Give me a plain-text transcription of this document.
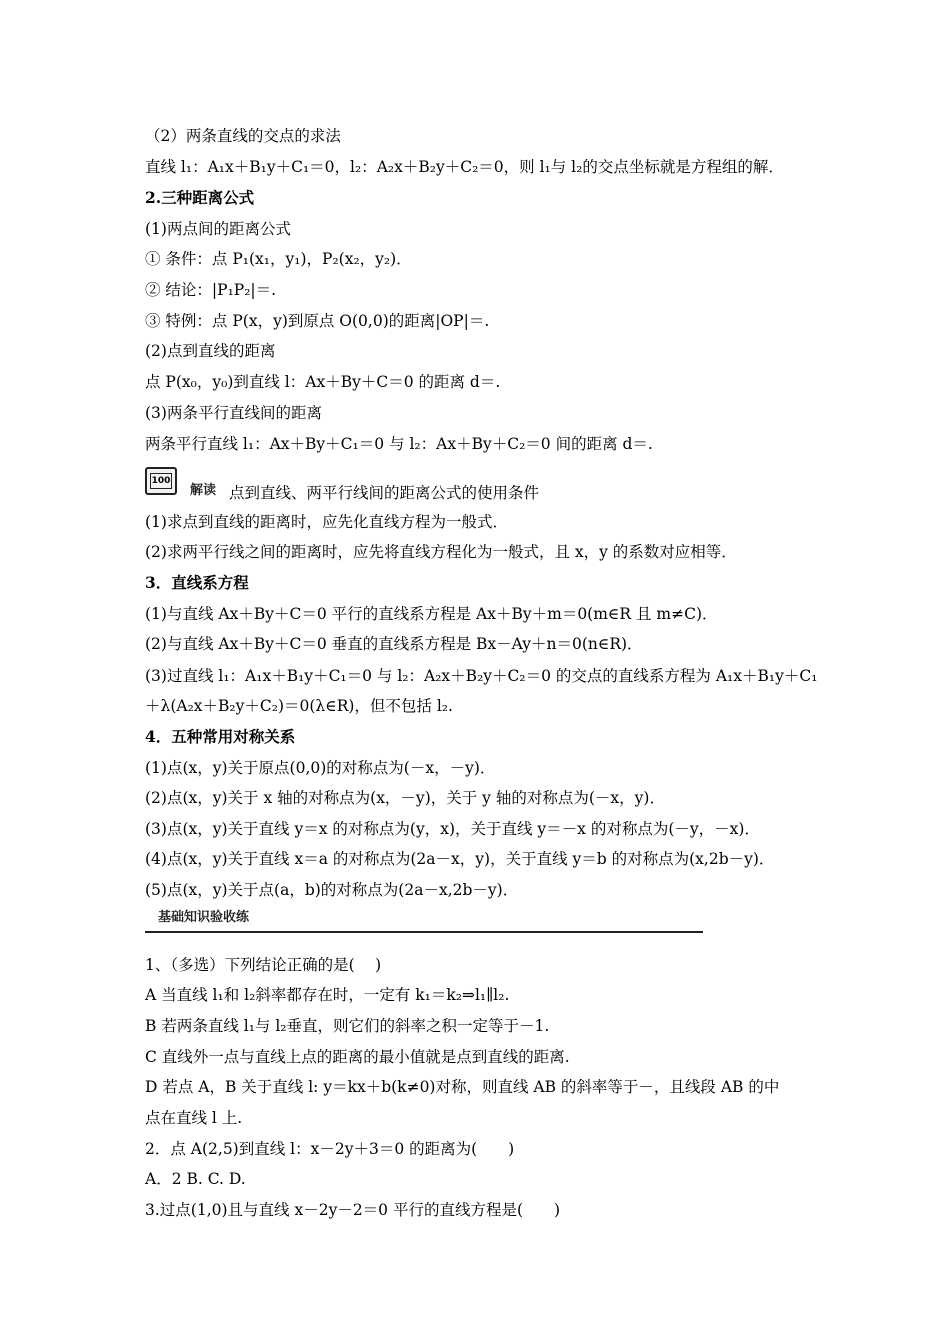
（2）两条直线的交点的求法
直线 l₁：A₁x＋B₁y＋C₁＝0，l₂：A₂x＋B₂y＋C₂＝0，则 l₁与 l₂的交点坐标就是方程组的解．
2.三种距离公式
(1)两点间的距离公式
① 条件：点 P₁(x₁，y₁)，P₂(x₂，y₂)．
② 结论：|P₁P₂|＝.
③ 特例：点 P(x，y)到原点 O(0,0)的距离|OP|＝.
(2)点到直线的距离
点 P(x₀，y₀)到直线 l：Ax＋By＋C＝0 的距离 d＝.
(3)两条平行直线间的距离
两条平行直线 l₁：Ax＋By＋C₁＝0 与 l₂：Ax＋By＋C₂＝0 间的距离 d＝.
100
解读 点到直线、两平行线间的距离公式的使用条件
(1)求点到直线的距离时，应先化直线方程为一般式．
(2)求两平行线之间的距离时，应先将直线方程化为一般式，且 x，y 的系数对应相等．
3．直线系方程
(1)与直线 Ax＋By＋C＝0 平行的直线系方程是 Ax＋By＋m＝0(m∈R 且 m≠C)．
(2)与直线 Ax＋By＋C＝0 垂直的直线系方程是 Bx－Ay＋n＝0(n∈R)．
(3)过直线 l₁：A₁x＋B₁y＋C₁＝0 与 l₂：A₂x＋B₂y＋C₂＝0 的交点的直线系方程为 A₁x＋B₁y＋C₁
＋λ(A₂x＋B₂y＋C₂)＝0(λ∈R)，但不包括 l₂.
4．五种常用对称关系
(1)点(x，y)关于原点(0,0)的对称点为(－x，－y)．
(2)点(x，y)关于 x 轴的对称点为(x，－y)，关于 y 轴的对称点为(－x，y)．
(3)点(x，y)关于直线 y＝x 的对称点为(y，x)，关于直线 y＝－x 的对称点为(－y，－x)．
(4)点(x，y)关于直线 x＝a 的对称点为(2a－x，y)，关于直线 y＝b 的对称点为(x,2b－y)．
(5)点(x，y)关于点(a，b)的对称点为(2a－x,2b－y)．
基础知识验收练
1、（多选）下列结论正确的是(　 )
A 当直线 l₁和 l₂斜率都存在时，一定有 k₁＝k₂⇒l₁∥l₂.
B 若两条直线 l₁与 l₂垂直，则它们的斜率之积一定等于－1.
C 直线外一点与直线上点的距离的最小值就是点到直线的距离.
D 若点 A，B 关于直线 l: y＝kx＋b(k≠0)对称，则直线 AB 的斜率等于－，且线段 AB 的中
点在直线 l 上.
2．点 A(2,5)到直线 l：x－2y＋3＝0 的距离为(　　)
A．2 B. C. D.
3.过点(1,0)且与直线 x－2y－2＝0 平行的直线方程是(　　)
